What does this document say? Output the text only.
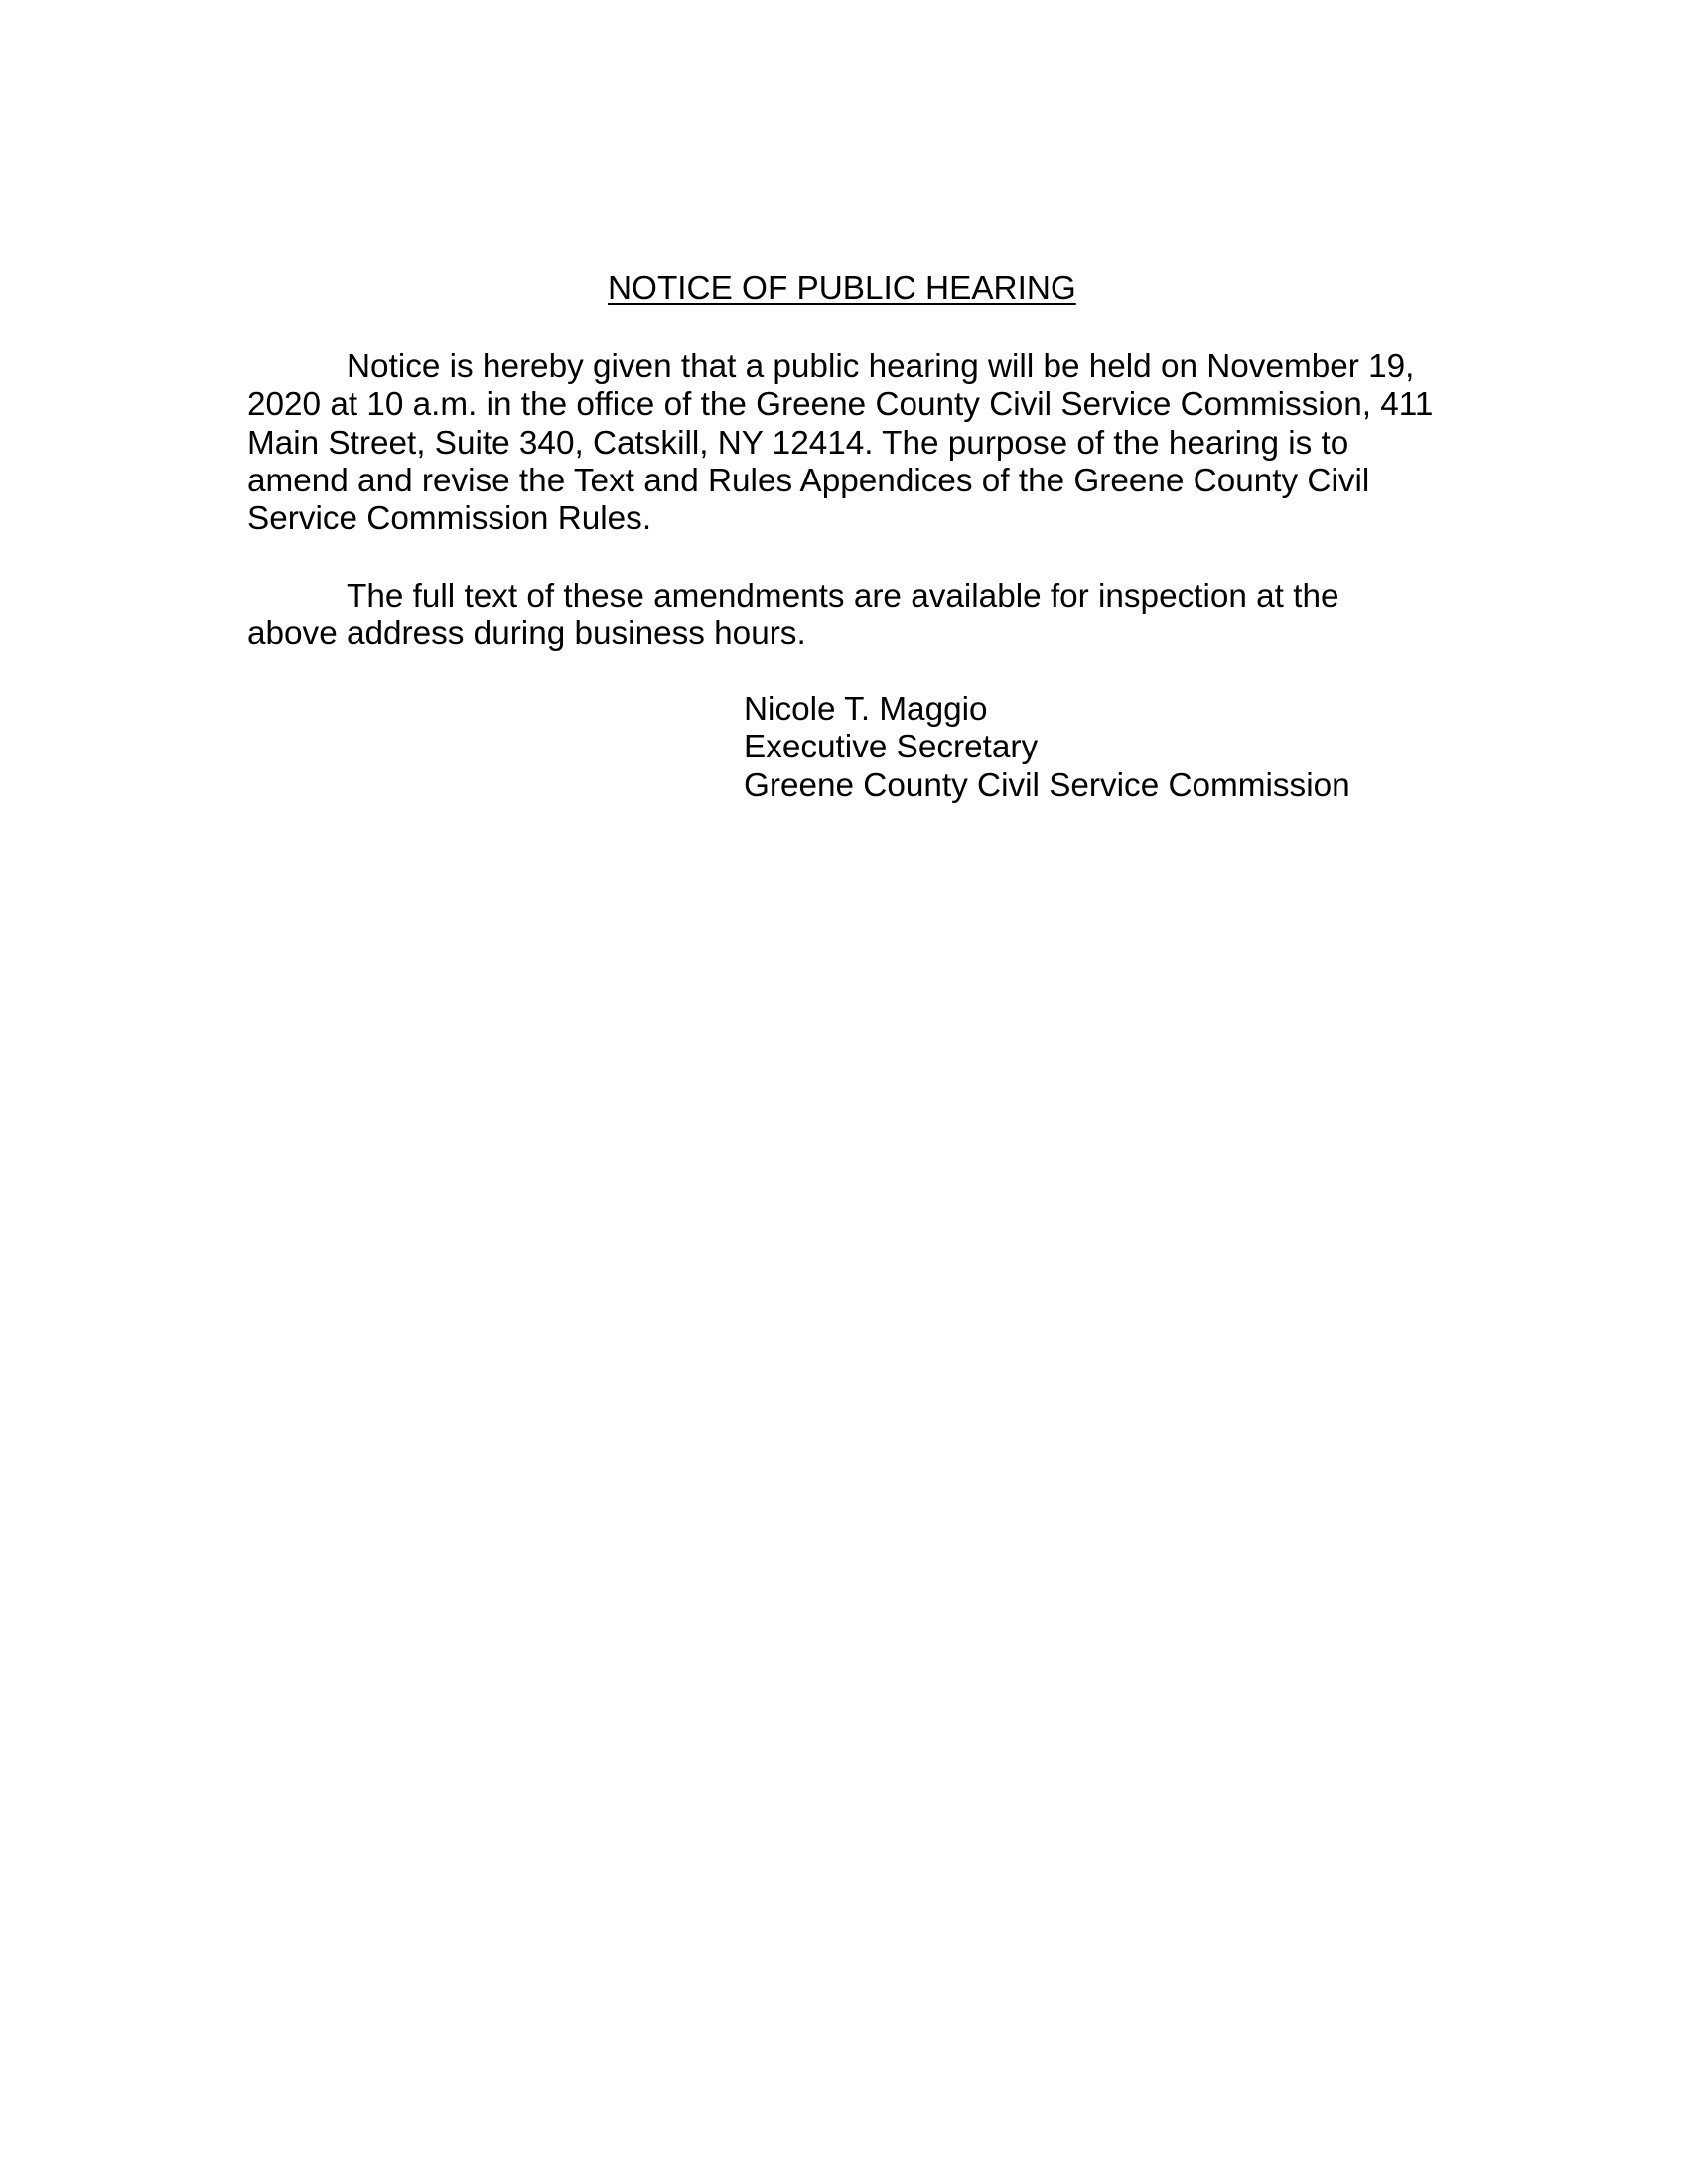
NOTICE OF PUBLIC HEARING
Notice is hereby given that a public hearing will be held on November 19,
2020 at 10 a.m. in the office of the Greene County Civil Service Commission, 411
Main Street, Suite 340, Catskill, NY 12414. The purpose of the hearing is to
amend and revise the Text and Rules Appendices of the Greene County Civil
Service Commission Rules.
The full text of these amendments are available for inspection at the
above address during business hours.
Nicole T. Maggio
Executive Secretary
Greene County Civil Service Commission
